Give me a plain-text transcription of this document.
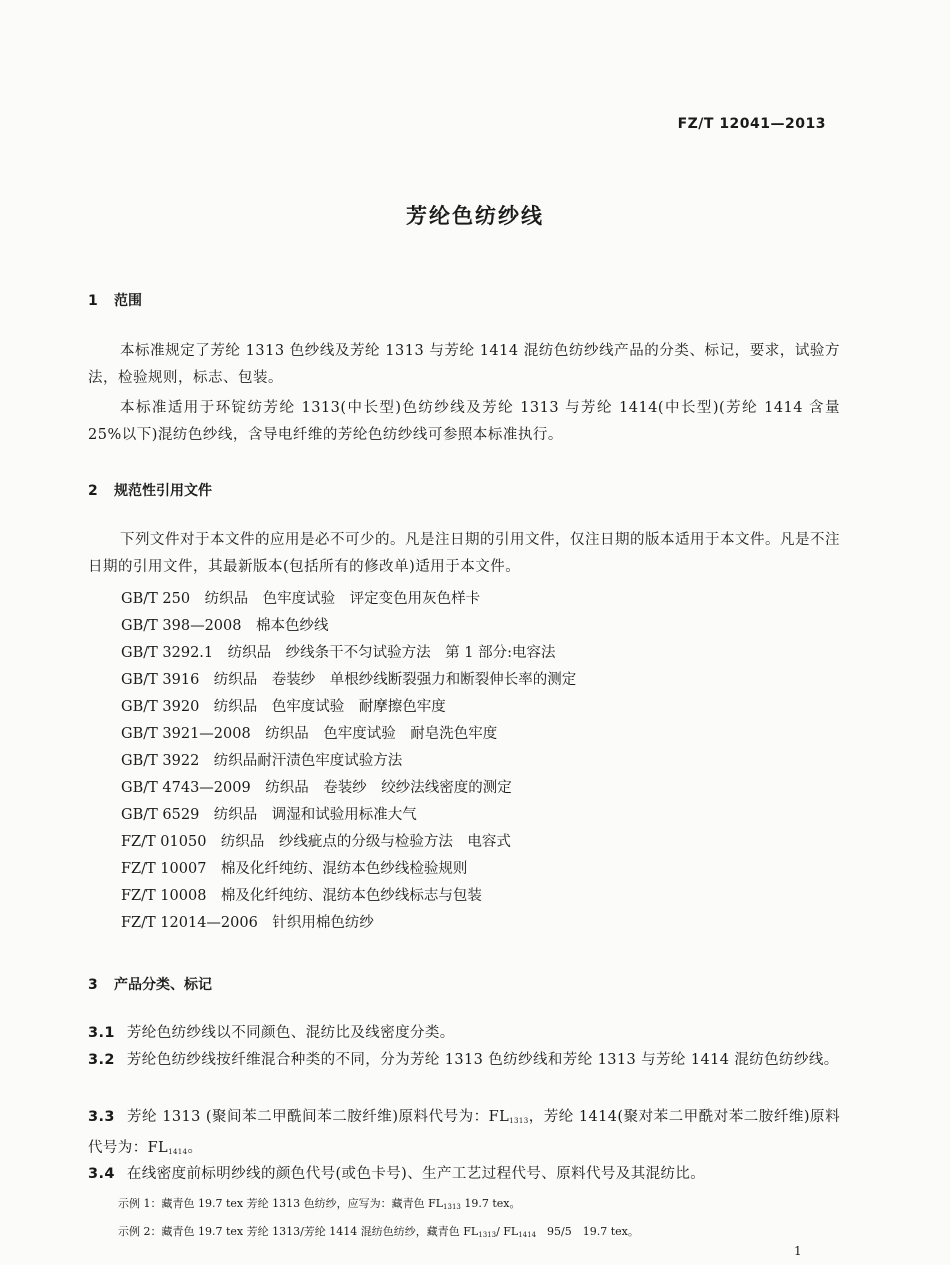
FZ/T 12041—2013
芳纶色纺纱线
1 范围
本标准规定了芳纶 1313 色纱线及芳纶 1313 与芳纶 1414 混纺色纺纱线产品的分类、标记，要求，试验方法，检验规则，标志、包装。
本标准适用于环锭纺芳纶 1313(中长型)色纺纱线及芳纶 1313 与芳纶 1414(中长型)(芳纶 1414 含量 25%以下)混纺色纱线，含导电纤维的芳纶色纺纱线可参照本标准执行。
2 规范性引用文件
下列文件对于本文件的应用是必不可少的。凡是注日期的引用文件，仅注日期的版本适用于本文件。凡是不注日期的引用文件，其最新版本(包括所有的修改单)适用于本文件。
GB/T 250　纺织品　色牢度试验　评定变色用灰色样卡
GB/T 398—2008　棉本色纱线
GB/T 3292.1　纺织品　纱线条干不匀试验方法　第 1 部分:电容法
GB/T 3916　纺织品　卷装纱　单根纱线断裂强力和断裂伸长率的测定
GB/T 3920　纺织品　色牢度试验　耐摩擦色牢度
GB/T 3921—2008　纺织品　色牢度试验　耐皂洗色牢度
GB/T 3922　纺织品耐汗渍色牢度试验方法
GB/T 4743—2009　纺织品　卷装纱　绞纱法线密度的测定
GB/T 6529　纺织品　调湿和试验用标准大气
FZ/T 01050　纺织品　纱线疵点的分级与检验方法　电容式
FZ/T 10007　棉及化纤纯纺、混纺本色纱线检验规则
FZ/T 10008　棉及化纤纯纺、混纺本色纱线标志与包装
FZ/T 12014—2006　针织用棉色纺纱
3 产品分类、标记
3.1 芳纶色纺纱线以不同颜色、混纺比及线密度分类。
3.2 芳纶色纺纱线按纤维混合种类的不同，分为芳纶 1313 色纺纱线和芳纶 1313 与芳纶 1414 混纺色纺纱线。
3.3 芳纶 1313 (聚间苯二甲酰间苯二胺纤维)原料代号为：$FL_{1313}$，芳纶 1414(聚对苯二甲酰对苯二胺纤维)原料代号为：$FL_{1414}$。
3.4 在线密度前标明纱线的颜色代号(或色卡号)、生产工艺过程代号、原料代号及其混纺比。
示例 1：藏青色 19.7 tex 芳纶 1313 色纺纱，应写为：藏青色 $FL_{1313}$ 19.7 tex。
示例 2：藏青色 19.7 tex 芳纶 1313/芳纶 1414 混纺色纺纱，藏青色 $FL_{1313}/$ $FL_{1414}$　95/5　19.7 tex。
1
